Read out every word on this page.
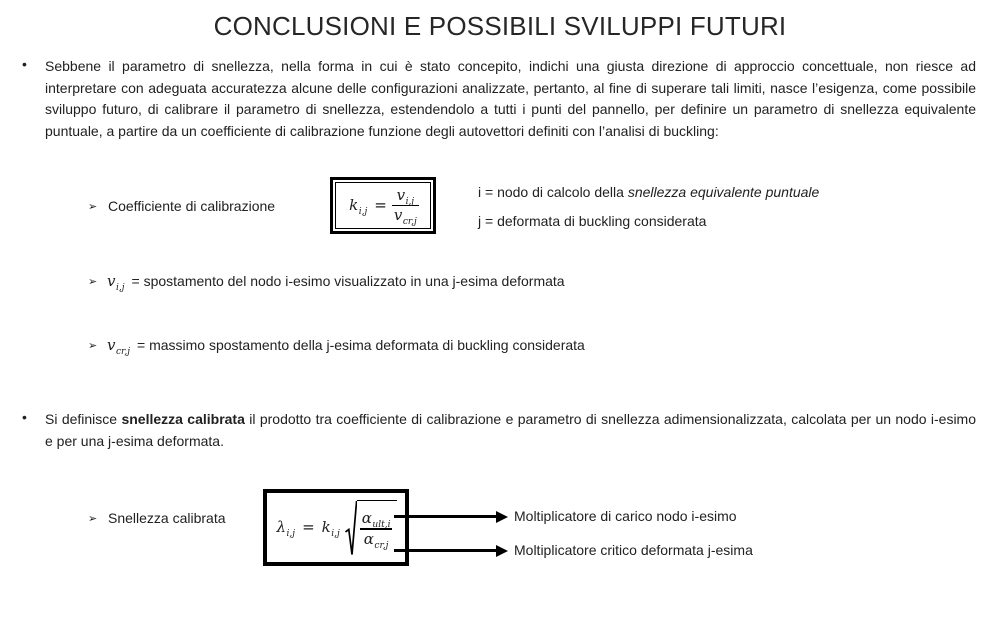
CONCLUSIONI E POSSIBILI SVILUPPI FUTURI
• Sebbene il parametro di snellezza, nella forma in cui è stato concepito, indichi una giusta direzione di approccio concettuale, non riesce ad interpretare con adeguata accuratezza alcune delle configurazioni analizzate, pertanto, al fine di superare tali limiti, nasce l’esigenza, come possibile sviluppo futuro, di calibrare il parametro di snellezza, estendendolo a tutti i punti del pannello, per definire un parametro di snellezza equivalente puntuale, a partire da un coefficiente di calibrazione funzione degli autovettori definiti con l’analisi di buckling:

➢ Coefficiente di calibrazione	k $i,j = \frac{\text{v i,j}}{\text{v cr,j}}$	i = nodo di calcolo della snellezza equivalente puntuale
j = deformata di buckling considerata
➢ $v_{i,j}$ = spostamento del nodo i-esimo visualizzato in una j-esima deformata
➢ $v_{cr,j}$ = massimo spostamento della j-esima deformata di buckling considerata
• Si definisce snellezza calibrata il prodotto tra coefficiente di calibrazione e parametro di snellezza adimensionalizzata, calcolata per un nodo i-esimo e per una j-esima deformata.

➢ Snellezza calibrata	λ i,j = k $i,j \frac{\text{α ult,i}}{\text{α cr,j}}$	Moltiplicatore di carico nodo i-esimo
Moltiplicatore critico deformata j-esima
